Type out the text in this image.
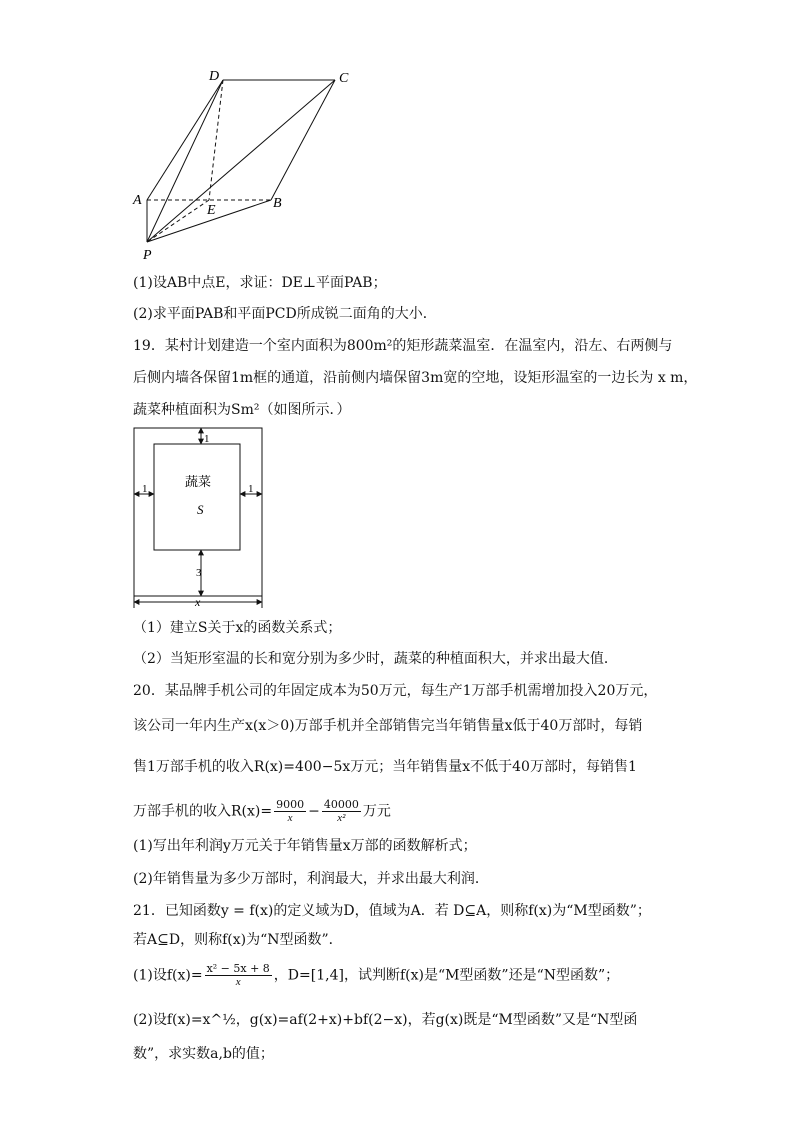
D	C
A
E	B
P
(1)设AB中点E，求证：DE⊥平面PAB；
(2)求平面PAB和平面PCD所成锐二面角的大小．
19．某村计划建造一个室内面积为800m²的矩形蔬菜温室．在温室内，沿左、右两侧与
后侧内墙各保留1m框的通道，沿前侧内墙保留3m宽的空地，设矩形温室的一边长为 x m，
蔬菜种植面积为Sm²（如图所示．）
蔬菜
S
1
1	1
3
x
（1）建立S关于x的函数关系式；
（2）当矩形室温的长和宽分别为多少时，蔬菜的种植面积大，并求出最大值．
20．某品牌手机公司的年固定成本为50万元，每生产1万部手机需增加投入20万元，
该公司一年内生产x(x＞0)万部手机并全部销售完当年销售量x低于40万部时，每销
售1万部手机的收入R(x)=400−5x万元；当年销售量x不低于40万部时，每销售1
万部手机的收入$R(x)= \frac{9000}{x} - \frac{40000}{\text{x²}}$ 万元
(1)写出年利润y万元关于年销售量x万部的函数解析式；
(2)年销售量为多少万部时，利润最大，并求出最大利润．
21．已知函数y = f(x)的定义域为D，值域为A．若 D⊆A，则称f(x)为“M型函数”；
若A⊆D，则称f(x)为“N型函数”．
(1)设$f(x)= \frac{\text{x² − 5x + 8}}{x}$ ，D=[1,4]，试判断f(x)是“M型函数”还是“N型函数”；
(2)设f(x)=x^½，g(x)=af(2+x)+bf(2−x)，若g(x)既是“M型函数”又是“N型函
数”，求实数a,b的值；
